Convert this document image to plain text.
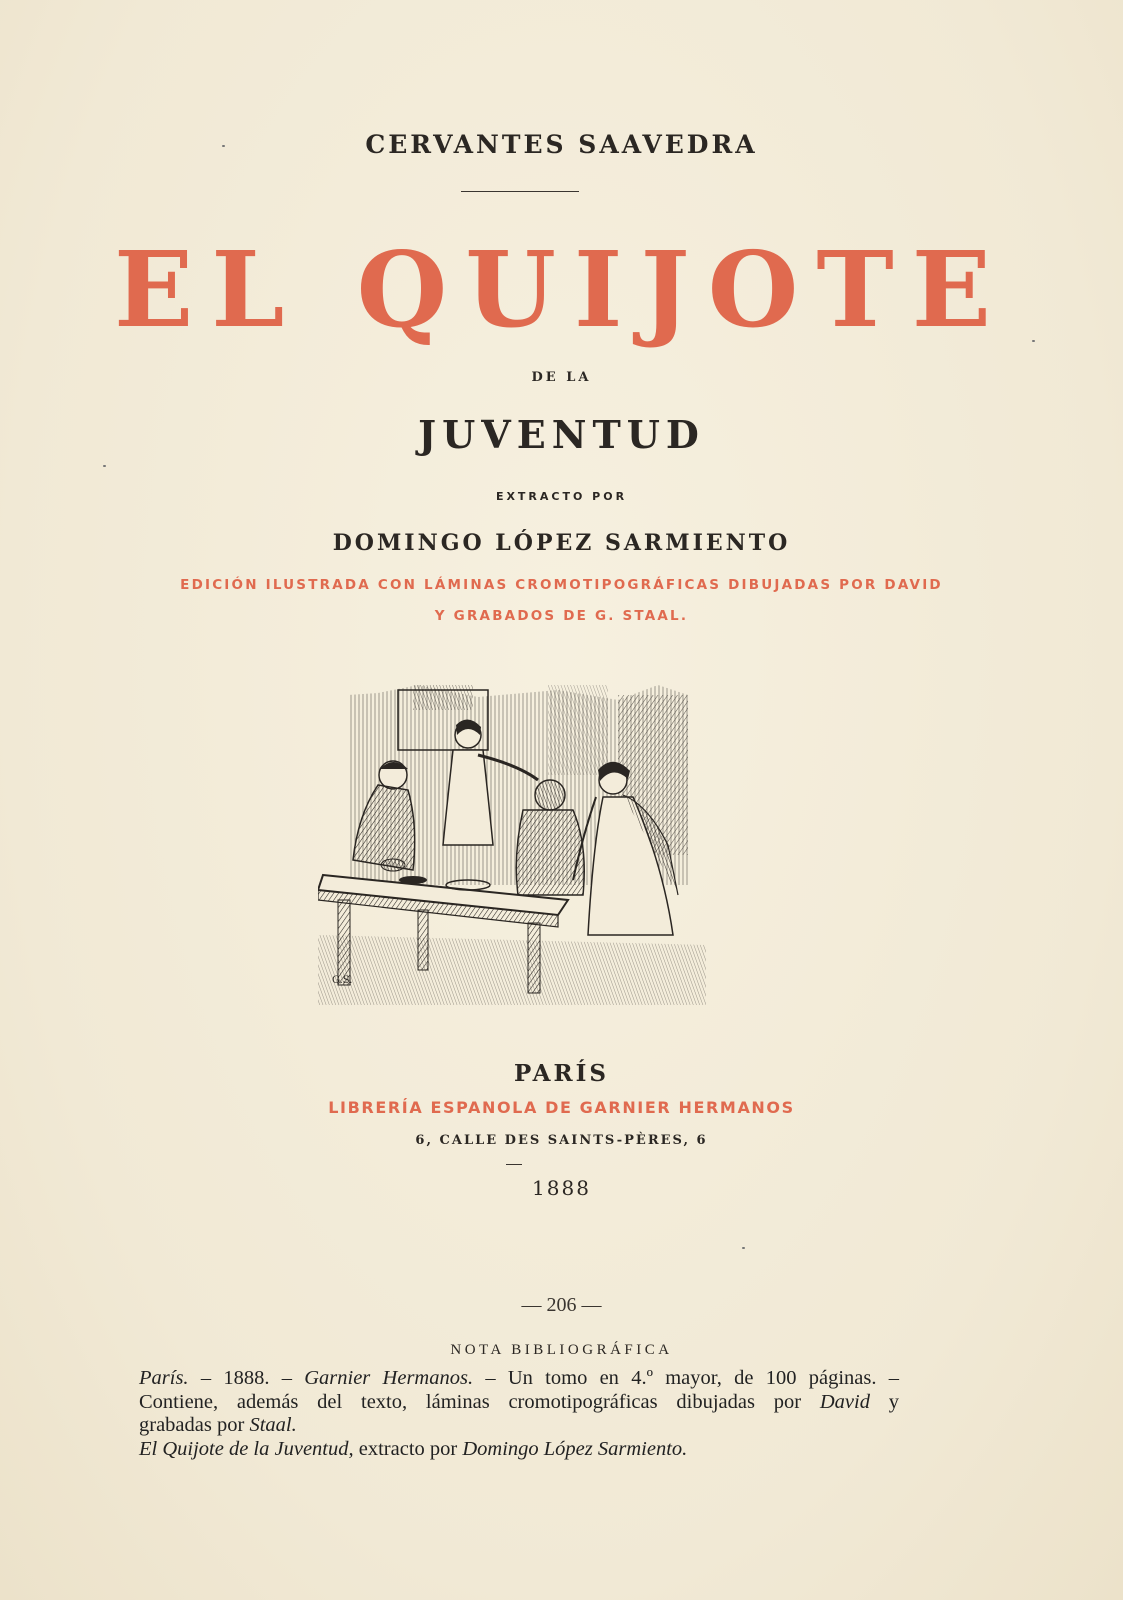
CERVANTES SAAVEDRA
EL QUIJOTE
DE LA
JUVENTUD
EXTRACTO POR
DOMINGO LÓPEZ SARMIENTO
EDICIÓN ILUSTRADA CON LÁMINAS CROMOTIPOGRÁFICAS DIBUJADAS POR DAVID
Y GRABADOS DE G. STAAL.
G.S.
PARÍS
LIBRERÍA ESPANOLA DE GARNIER HERMANOS
6, CALLE DES SAINTS-PÈRES, 6
1888
— 206 —
NOTA BIBLIOGRÁFICA

París. – 1888. – Garnier Hermanos. – Un tomo en 4.º mayor, de 100 páginas. –

Contiene, además del texto, láminas cromotipográficas dibujadas por David y

grabadas por Staal.

El Quijote de la Juventud, extracto por Domingo López Sarmiento.
